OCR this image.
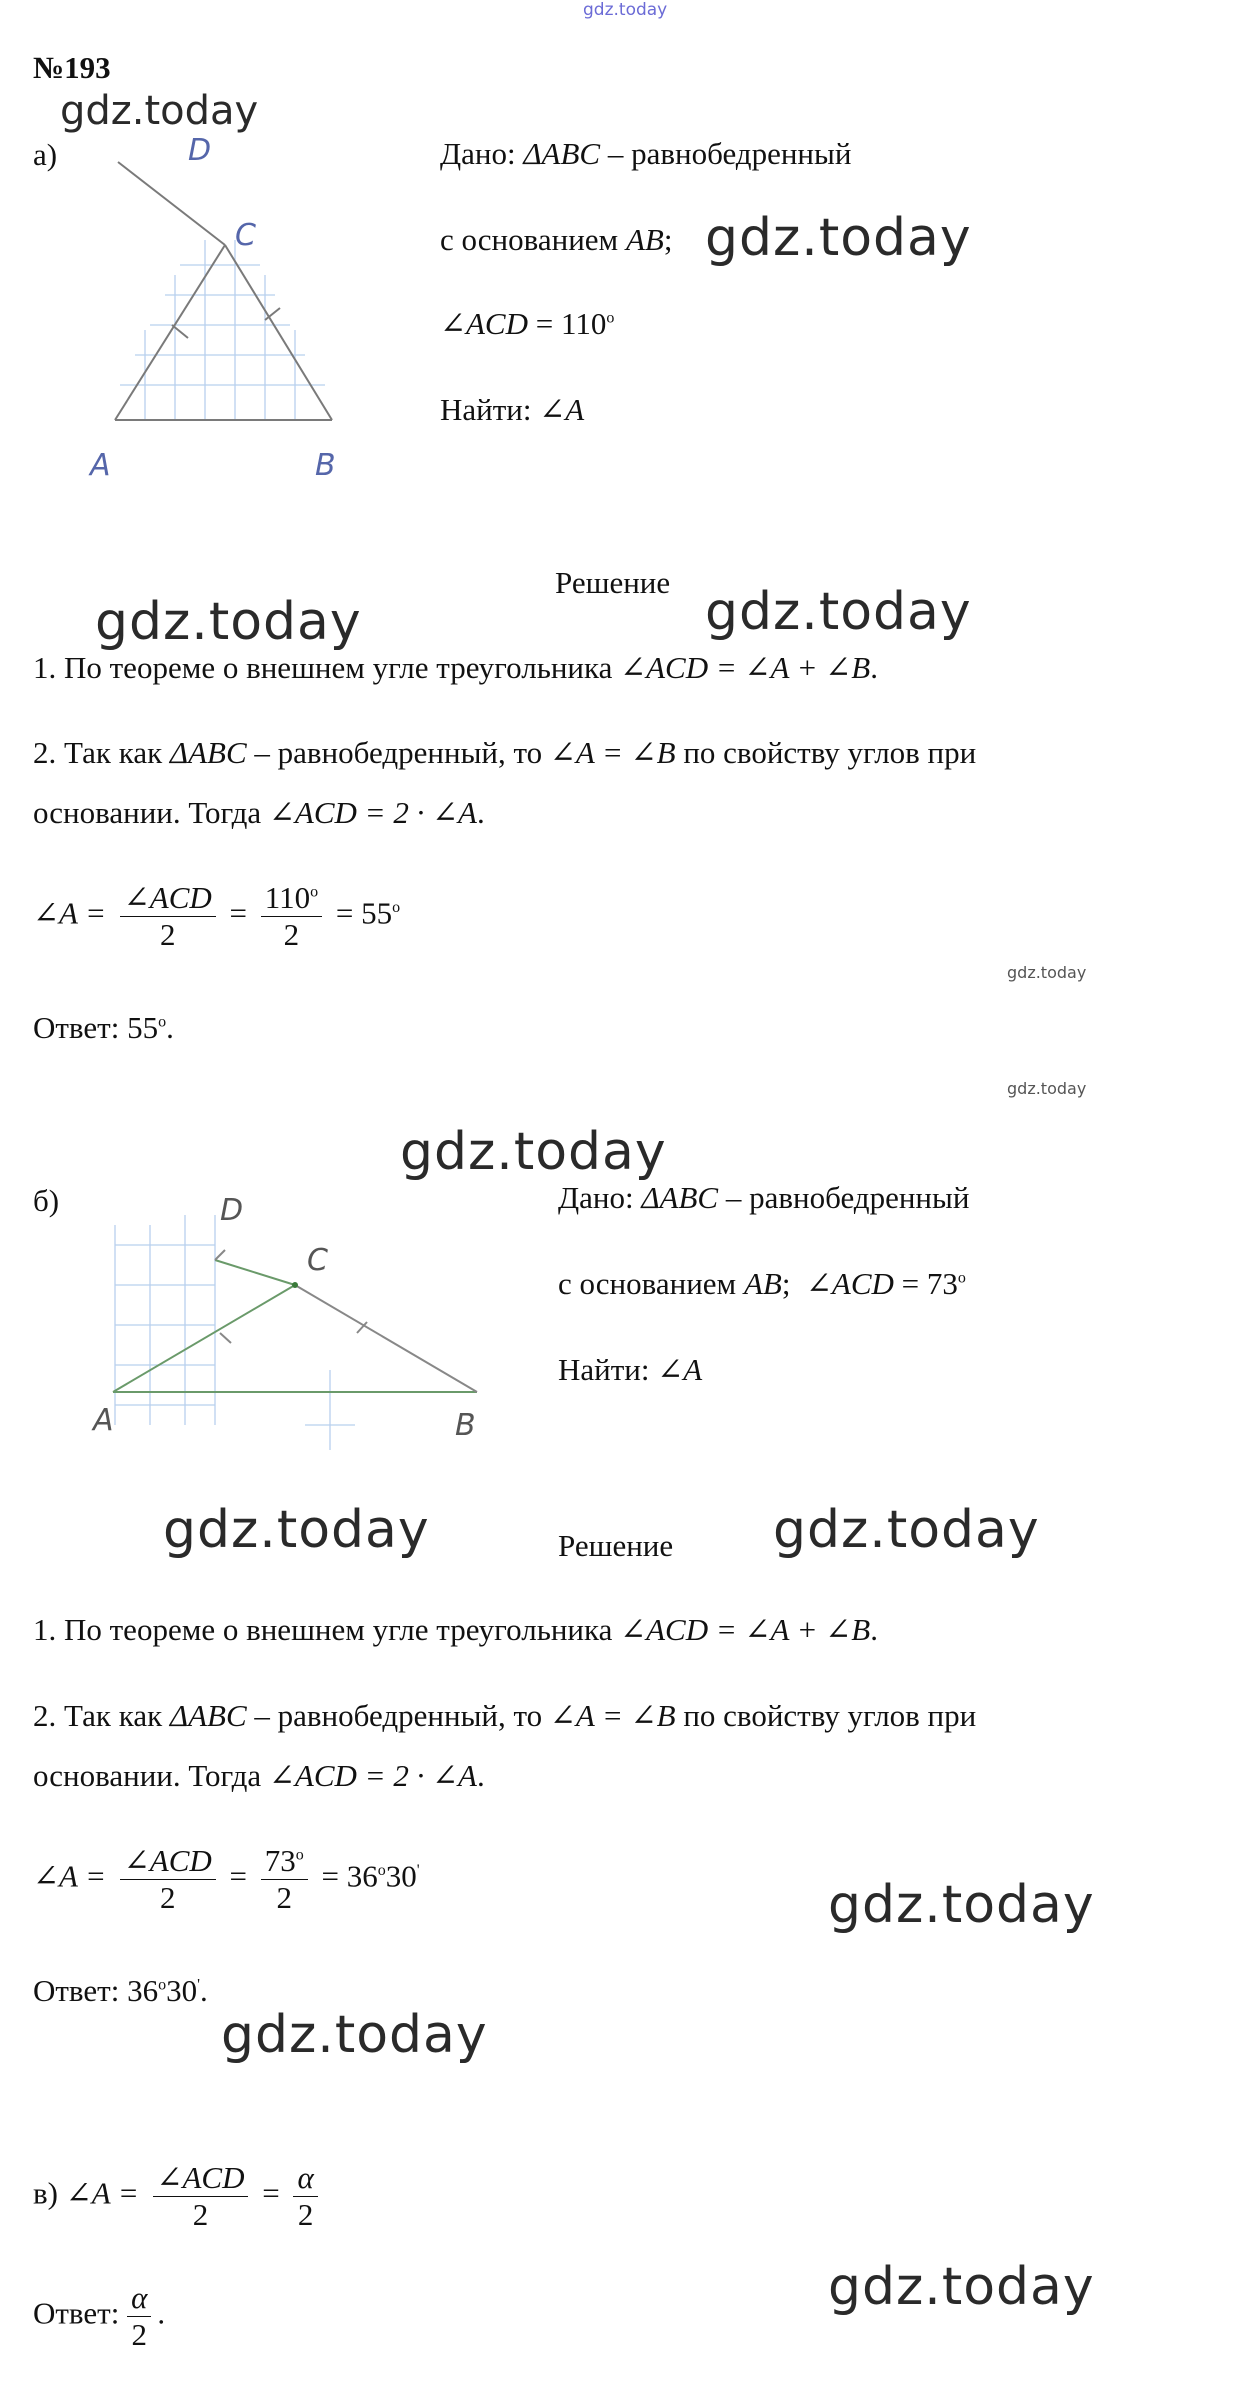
gdz.today
gdz.today
gdz.today
gdz.today	gdz.today
gdz.today
gdz.today
gdz.today
gdz.today	gdz.today
gdz.today
gdz.today
gdz.today
№193
а)	D
C
A	B
Дано: ΔABC – равнобедренный
с основанием AB;
∠ACD = $110^o$
Найти: ∠A
Решение
1. По теореме о внешнем угле треугольника ∠ACD = ∠A + ∠B.
2. Так как ΔABC – равнобедренный, то ∠A = ∠B по свойству углов при
основании. Тогда ∠ACD = 2 · ∠A.
∠A = $\frac{\text{∠ACD}}{2} = \frac{110^o}{2} = 55^o$
Ответ: 55$^o$.
б)	D
C
A	B
Дано: ΔABC – равнобедренный
с основанием AB;  ∠ACD = $73^o$
Найти: ∠A
Решение
1. По теореме о внешнем угле треугольника ∠ACD = ∠A + ∠B.
2. Так как ΔABC – равнобедренный, то ∠A = ∠B по свойству углов при
основании. Тогда ∠ACD = 2 · ∠A.
∠A = $\frac{\text{∠ACD}}{2} = \frac{73^o}{2} = 36^o30'$
Ответ: 36$^o$30'.
в) ∠A = $\frac{\text{∠ACD}}{2} = \frac{\alpha}{2}$
Ответ: $\frac{\alpha}{2}$ .
